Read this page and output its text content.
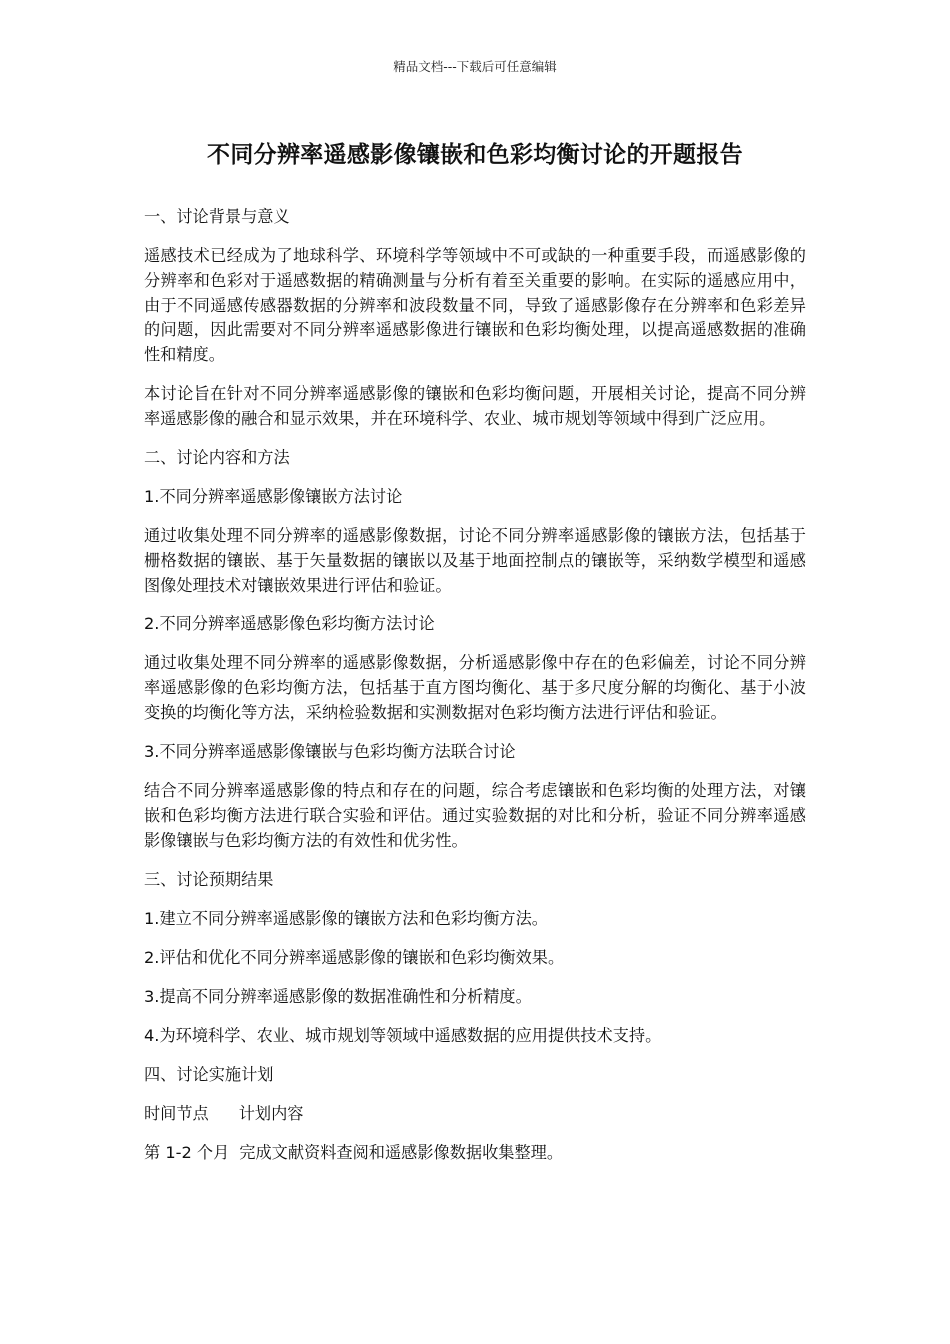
精品文档---下载后可任意编辑
不同分辨率遥感影像镶嵌和色彩均衡讨论的开题报告

一、讨论背景与意义

遥感技术已经成为了地球科学、环境科学等领域中不可或缺的一种重要手段，而遥感影像的分辨率和色彩对于遥感数据的精确测量与分析有着至关重要的影响。在实际的遥感应用中，由于不同遥感传感器数据的分辨率和波段数量不同，导致了遥感影像存在分辨率和色彩差异的问题，因此需要对不同分辨率遥感影像进行镶嵌和色彩均衡处理，以提高遥感数据的准确性和精度。

本讨论旨在针对不同分辨率遥感影像的镶嵌和色彩均衡问题，开展相关讨论，提高不同分辨率遥感影像的融合和显示效果，并在环境科学、农业、城市规划等领域中得到广泛应用。

二、讨论内容和方法

1.不同分辨率遥感影像镶嵌方法讨论

通过收集处理不同分辨率的遥感影像数据，讨论不同分辨率遥感影像的镶嵌方法，包括基于栅格数据的镶嵌、基于矢量数据的镶嵌以及基于地面控制点的镶嵌等，采纳数学模型和遥感图像处理技术对镶嵌效果进行评估和验证。

2.不同分辨率遥感影像色彩均衡方法讨论

通过收集处理不同分辨率的遥感影像数据，分析遥感影像中存在的色彩偏差，讨论不同分辨率遥感影像的色彩均衡方法，包括基于直方图均衡化、基于多尺度分解的均衡化、基于小波变换的均衡化等方法，采纳检验数据和实测数据对色彩均衡方法进行评估和验证。

3.不同分辨率遥感影像镶嵌与色彩均衡方法联合讨论

结合不同分辨率遥感影像的特点和存在的问题，综合考虑镶嵌和色彩均衡的处理方法，对镶嵌和色彩均衡方法进行联合实验和评估。通过实验数据的对比和分析，验证不同分辨率遥感影像镶嵌与色彩均衡方法的有效性和优劣性。

三、讨论预期结果

1.建立不同分辨率遥感影像的镶嵌方法和色彩均衡方法。

2.评估和优化不同分辨率遥感影像的镶嵌和色彩均衡效果。

3.提高不同分辨率遥感影像的数据准确性和分析精度。

4.为环境科学、农业、城市规划等领域中遥感数据的应用提供技术支持。

四、讨论实施计划

时间节点 计划内容

第 1-2 个月 完成文献资料查阅和遥感影像数据收集整理。
